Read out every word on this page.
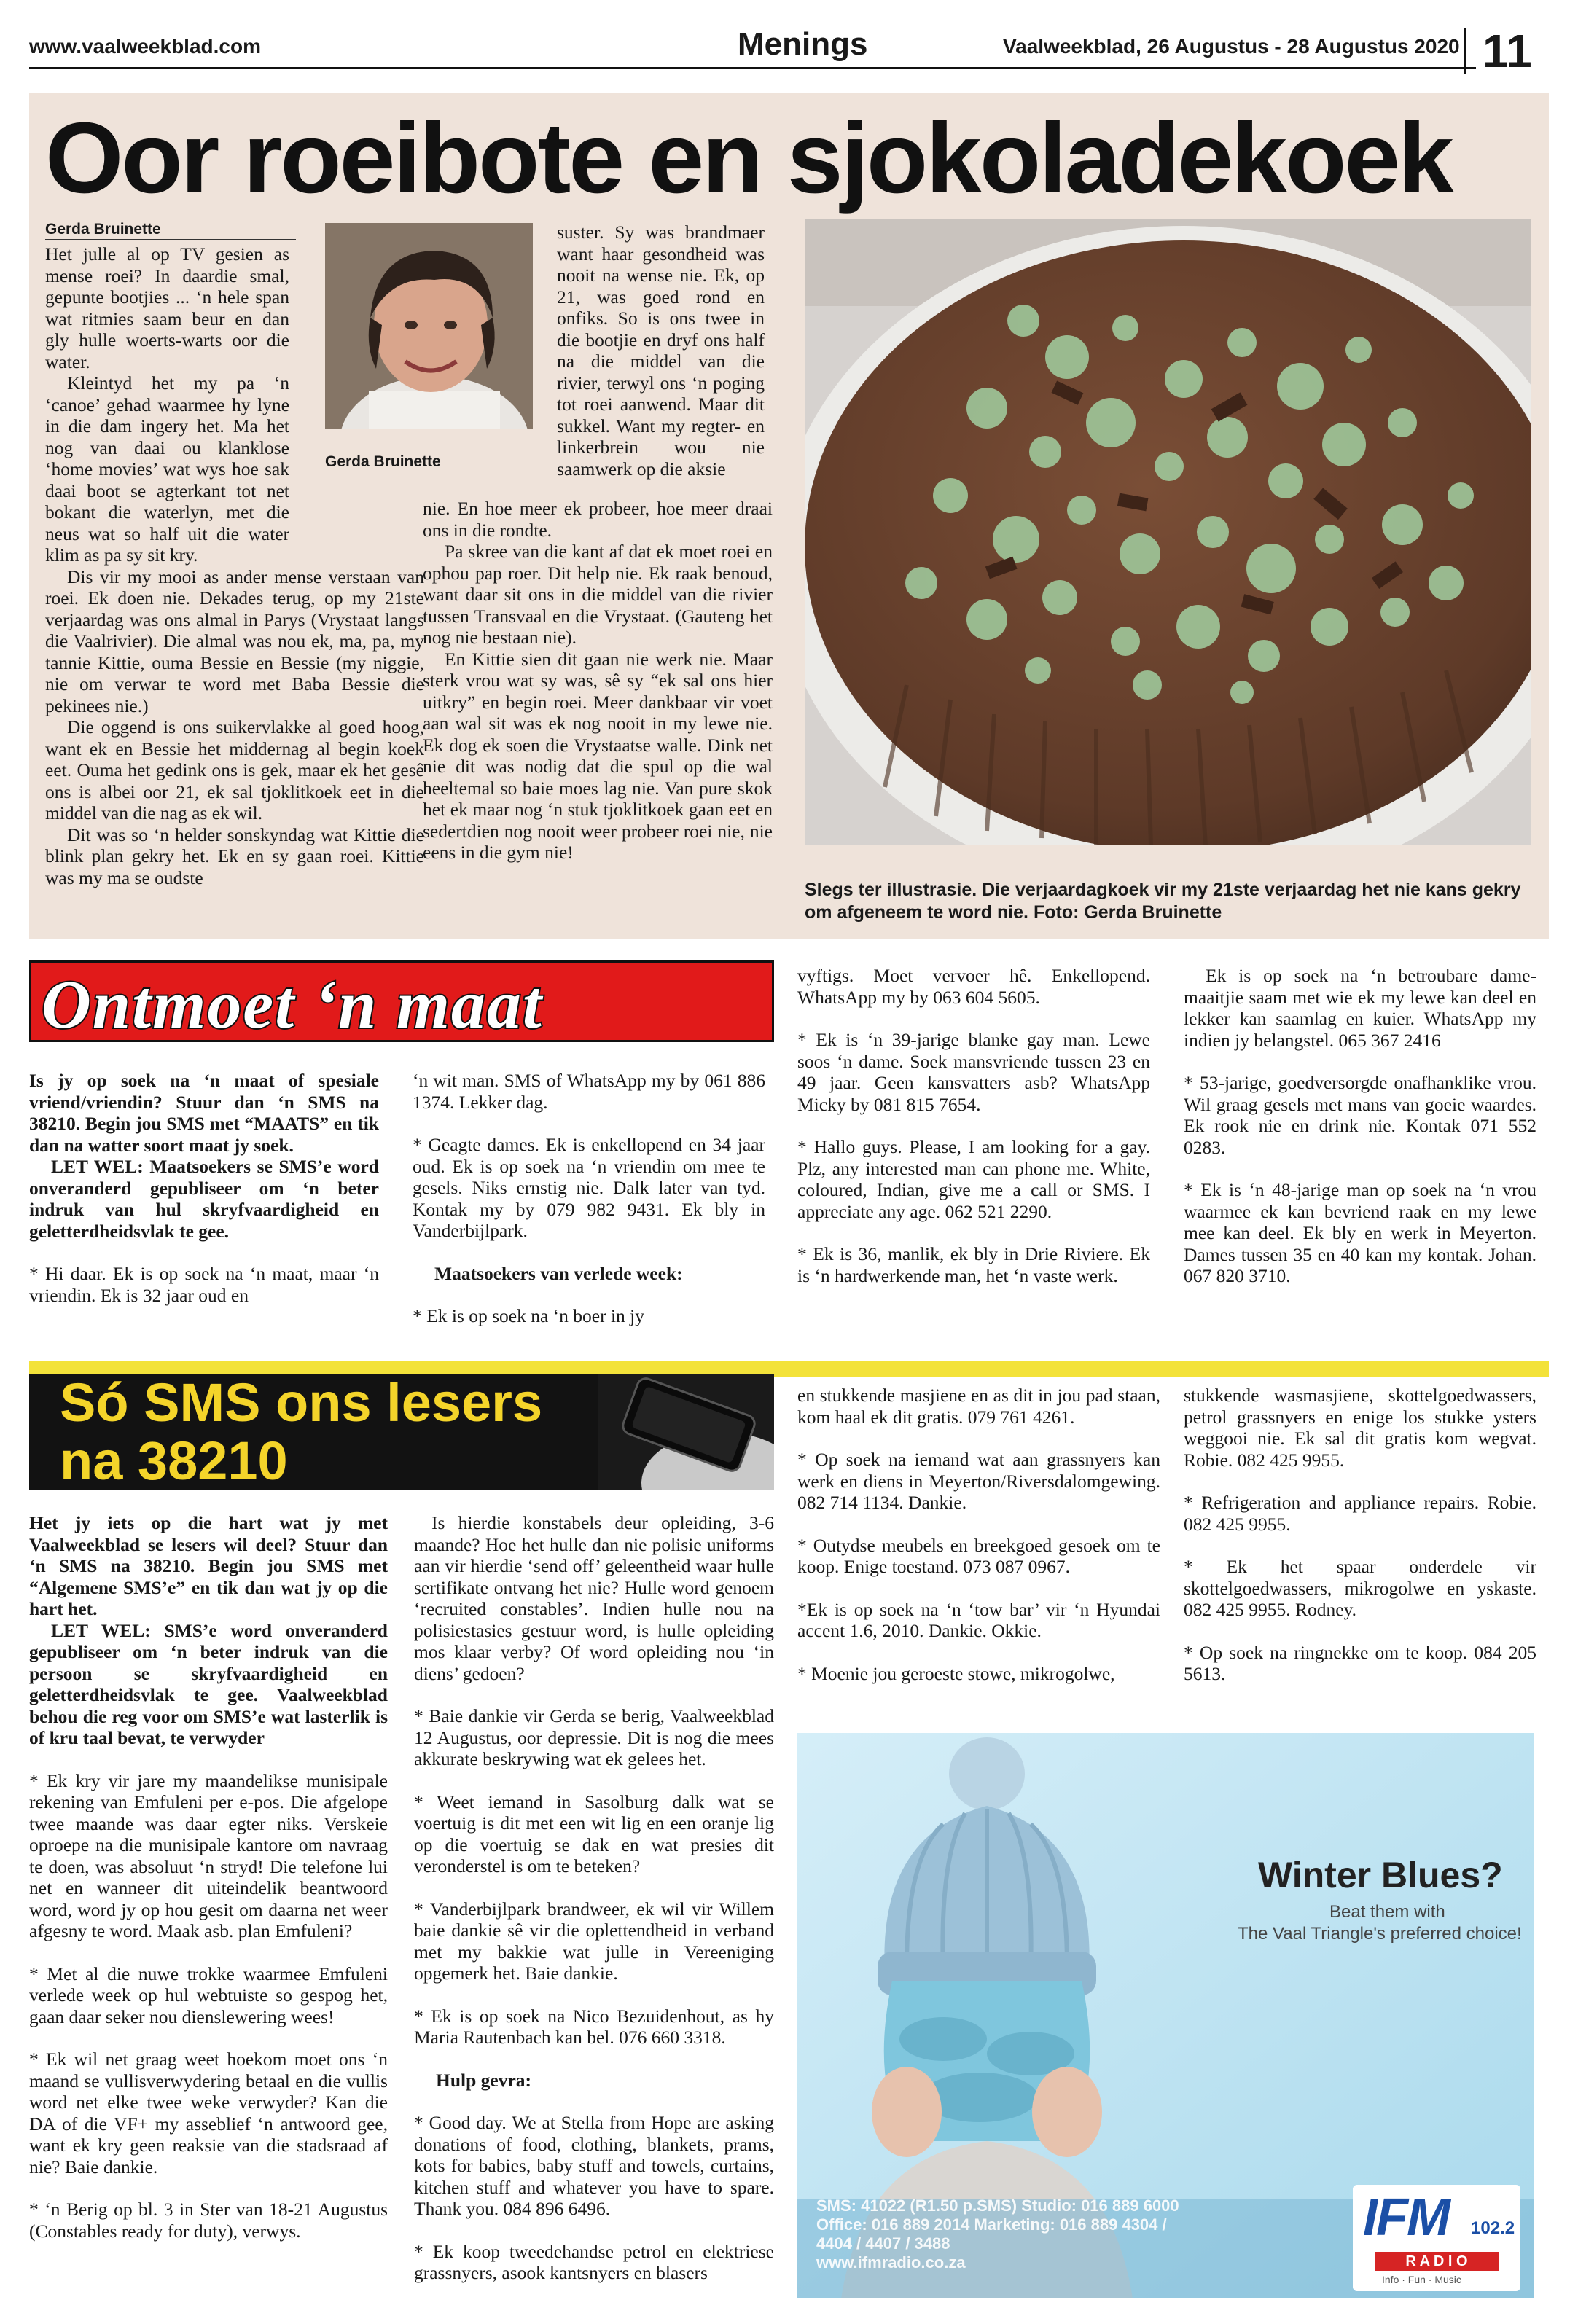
www.vaalweekblad.com	Menings	Vaalweekblad, 26 Augustus - 28 Augustus 2020 11
Oor roeibote en sjokoladekoek
Gerda Bruinette

Het julle al op TV gesien as mense roei? In daardie smal, gepunte bootjies ... ‘n hele span wat ritmies saam beur en dan gly hulle woerts-warts oor die water.

Kleintyd het my pa ‘n ‘canoe’ gehad waarmee hy lyne in die dam ingery het. Ma het nog van daai ou klanklose ‘home movies’ wat wys hoe sak daai boot se agterkant tot net bokant die waterlyn, met die neus wat so half uit die water klim as pa sy sit kry.

Dis vir my mooi as ander mense verstaan van roei. Ek doen nie. Dekades terug, op my 21ste verjaardag was ons almal in Parys (Vrystaat langs die Vaalrivier). Die almal was nou ek, ma, pa, my tannie Kittie, ouma Bessie en Bessie (my niggie, nie om verwar te word met Baba Bessie die pekinees nie.)

Die oggend is ons suikervlakke al goed hoog, want ek en Bessie het middernag al begin koek eet. Ouma het gedink ons is gek, maar ek het gesê ons is albei oor 21, ek sal tjoklitkoek eet in die middel van die nag as ek wil.

Dit was so ‘n helder sonskyndag wat Kittie die blink plan gekry het. Ek en sy gaan roei. Kittie was my ma se oudste

Gerda Bruinette

suster. Sy was brandmaer want haar gesondheid was nooit na wense nie. Ek, op 21, was goed rond en onfiks. So is ons twee in die bootjie en dryf ons half na die middel van die rivier, terwyl ons ‘n poging tot roei aanwend. Maar dit sukkel. Want my regter- en linkerbrein wou nie saamwerk op die aksie

nie. En hoe meer ek probeer, hoe meer draai ons in die rondte.

Pa skree van die kant af dat ek moet roei en ophou pap roer. Dit help nie. Ek raak benoud, want daar sit ons in die middel van die rivier tussen Transvaal en die Vrystaat. (Gauteng het nog nie bestaan nie).

En Kittie sien dit gaan nie werk nie. Maar sterk vrou wat sy was, sê sy “ek sal ons hier uitkry” en begin roei. Meer dankbaar vir voet aan wal sit was ek nog nooit in my lewe nie. Ek dog ek soen die Vrystaatse walle. Dink net nie dit was nodig dat die spul op die wal heeltemal so baie moes lag nie. Van pure skok het ek maar nog ‘n stuk tjoklitkoek gaan eet en sedertdien nog nooit weer probeer roei nie, nie eens in die gym nie!

Slegs ter illustrasie. Die verjaardagkoek vir my 21ste verjaardag het nie kans gekry om afgeneem te word nie. Foto: Gerda Bruinette
Ontmoet ‘n maat

Is jy op soek na ‘n maat of spesiale vriend/vriendin? Stuur dan ‘n SMS na 38210. Begin jou SMS met “MAATS” en tik dan na watter soort maat jy soek.

LET WEL: Maatsoekers se SMS’e word onveranderd gepubliseer om ‘n beter indruk van hul skryfvaardigheid en geletterdheidsvlak te gee.

* Hi daar. Ek is op soek na ‘n maat, maar ‘n vriendin. Ek is 32 jaar oud en

‘n wit man. SMS of WhatsApp my by 061 886 1374. Lekker dag.

* Geagte dames. Ek is enkellopend en 34 jaar oud. Ek is op soek na ‘n vriendin om mee te gesels. Niks ernstig nie. Dalk later van tyd. Kontak my by 079 982 9431. Ek bly in Vanderbijlpark.

Maatsoekers van verlede week:

* Ek is op soek na ‘n boer in jy

vyftigs. Moet vervoer hê. Enkellopend. WhatsApp my by 063 604 5605.

* Ek is ‘n 39-jarige blanke gay man. Lewe soos ‘n dame. Soek mansvriende tussen 23 en 49 jaar. Geen kansvatters asb? WhatsApp Micky by 081 815 7654.

* Hallo guys. Please, I am looking for a gay. Plz, any interested man can phone me. White, coloured, Indian, give me a call or SMS. I appreciate any age. 062 521 2290.

* Ek is 36, manlik, ek bly in Drie Riviere. Ek is ‘n hardwerkende man, het ‘n vaste werk.

Ek is op soek na ‘n betroubare dame-maaitjie saam met wie ek my lewe kan deel en lekker kan saamlag en kuier. WhatsApp my indien jy belangstel. 065 367 2416

* 53-jarige, goedversorgde onafhanklike vrou. Wil graag gesels met mans van goeie waardes. Ek rook nie en drink nie. Kontak 071 552 0283.

* Ek is ‘n 48-jarige man op soek na ‘n vrou waarmee ek kan bevriend raak en my lewe mee kan deel. Ek bly en werk in Meyerton. Dames tussen 35 en 40 kan my kontak. Johan. 067 820 3710.

Só SMS ons lesers
na 38210

Het jy iets op die hart wat jy met Vaalweekblad se lesers wil deel? Stuur dan ‘n SMS na 38210. Begin jou SMS met “Algemene SMS’e” en tik dan wat jy op die hart het.

LET WEL: SMS’e word onveranderd gepubliseer om ‘n beter indruk van die persoon se skryfvaardigheid en geletterdheidsvlak te gee. Vaalweekblad behou die reg voor om SMS’e wat lasterlik is of kru taal bevat, te verwyder

* Ek kry vir jare my maandelikse munisipale rekening van Emfuleni per e-pos. Die afgelope twee maande was daar egter niks. Verskeie oproepe na die munisipale kantore om navraag te doen, was absoluut ‘n stryd! Die telefone lui net en wanneer dit uiteindelik beantwoord word, word jy op hou gesit om daarna net weer afgesny te word. Maak asb. plan Emfuleni?

* Met al die nuwe trokke waarmee Emfuleni verlede week op hul webtuiste so gespog het, gaan daar seker nou dienslewering wees!

* Ek wil net graag weet hoekom moet ons ‘n maand se vullisverwydering betaal en die vullis word net elke twee weke verwyder? Kan die DA of die VF+ my asseblief ‘n antwoord gee, want ek kry geen reaksie van die stadsraad af nie? Baie dankie.

* ‘n Berig op bl. 3 in Ster van 18-21 Augustus (Constables ready for duty), verwys.

Is hierdie konstabels deur opleiding, 3-6 maande? Hoe het hulle dan nie polisie uniforms aan vir hierdie ‘send off’ geleentheid waar hulle sertifikate ontvang het nie? Hulle word genoem ‘recruited constables’. Indien hulle nou na polisiestasies gestuur word, is hulle opleiding mos klaar verby? Of word opleiding nou ‘in diens’ gedoen?

* Baie dankie vir Gerda se berig, Vaalweekblad 12 Augustus, oor depressie. Dit is nog die mees akkurate beskrywing wat ek gelees het.

* Weet iemand in Sasolburg dalk wat se voertuig is dit met een wit lig en een oranje lig op die voertuig se dak en wat presies dit veronderstel is om te beteken?

* Vanderbijlpark brandweer, ek wil vir Willem baie dankie sê vir die oplettendheid in verband met my bakkie wat julle in Vereeniging opgemerk het. Baie dankie.

* Ek is op soek na Nico Bezuidenhout, as hy Maria Rautenbach kan bel. 076 660 3318.

Hulp gevra:

* Good day. We at Stella from Hope are asking donations of food, clothing, blankets, prams, kots for babies, baby stuff and towels, curtains, kitchen stuff and whatever you have to spare. Thank you. 084 896 6496.

* Ek koop tweedehandse petrol en elektriese grassnyers, asook kantsnyers en blasers

en stukkende masjiene en as dit in jou pad staan, kom haal ek dit gratis. 079 761 4261.

* Op soek na iemand wat aan grassnyers kan werk en diens in Meyerton/Riversdalomgewing. 082 714 1134. Dankie.

* Outydse meubels en breekgoed gesoek om te koop. Enige toestand. 073 087 0967.

*Ek is op soek na ‘n ‘tow bar’ vir ‘n Hyundai accent 1.6, 2010. Dankie. Okkie.

* Moenie jou geroeste stowe, mikrogolwe,

stukkende wasmasjiene, skottelgoedwassers, petrol grassnyers en enige los stukke ysters weggooi nie. Ek sal dit gratis kom wegvat. Robie. 082 425 9955.

* Refrigeration and appliance repairs. Robie. 082 425 9955.

* Ek het spaar onderdele vir skottelgoedwassers, mikrogolwe en yskaste. 082 425 9955. Rodney.

* Op soek na ringnekke om te koop. 084 205 5613.

Winter Blues?
Beat them with
The Vaal Triangle's preferred choice!
SMS: 41022 (R1.50 p.SMS) Studio: 016 889 6000
Office: 016 889 2014 Marketing: 016 889 4304 /
4404 / 4407 / 3488
www.ifmradio.co.za
IFM 102.2
R A D I O
Info · Fun · Music
